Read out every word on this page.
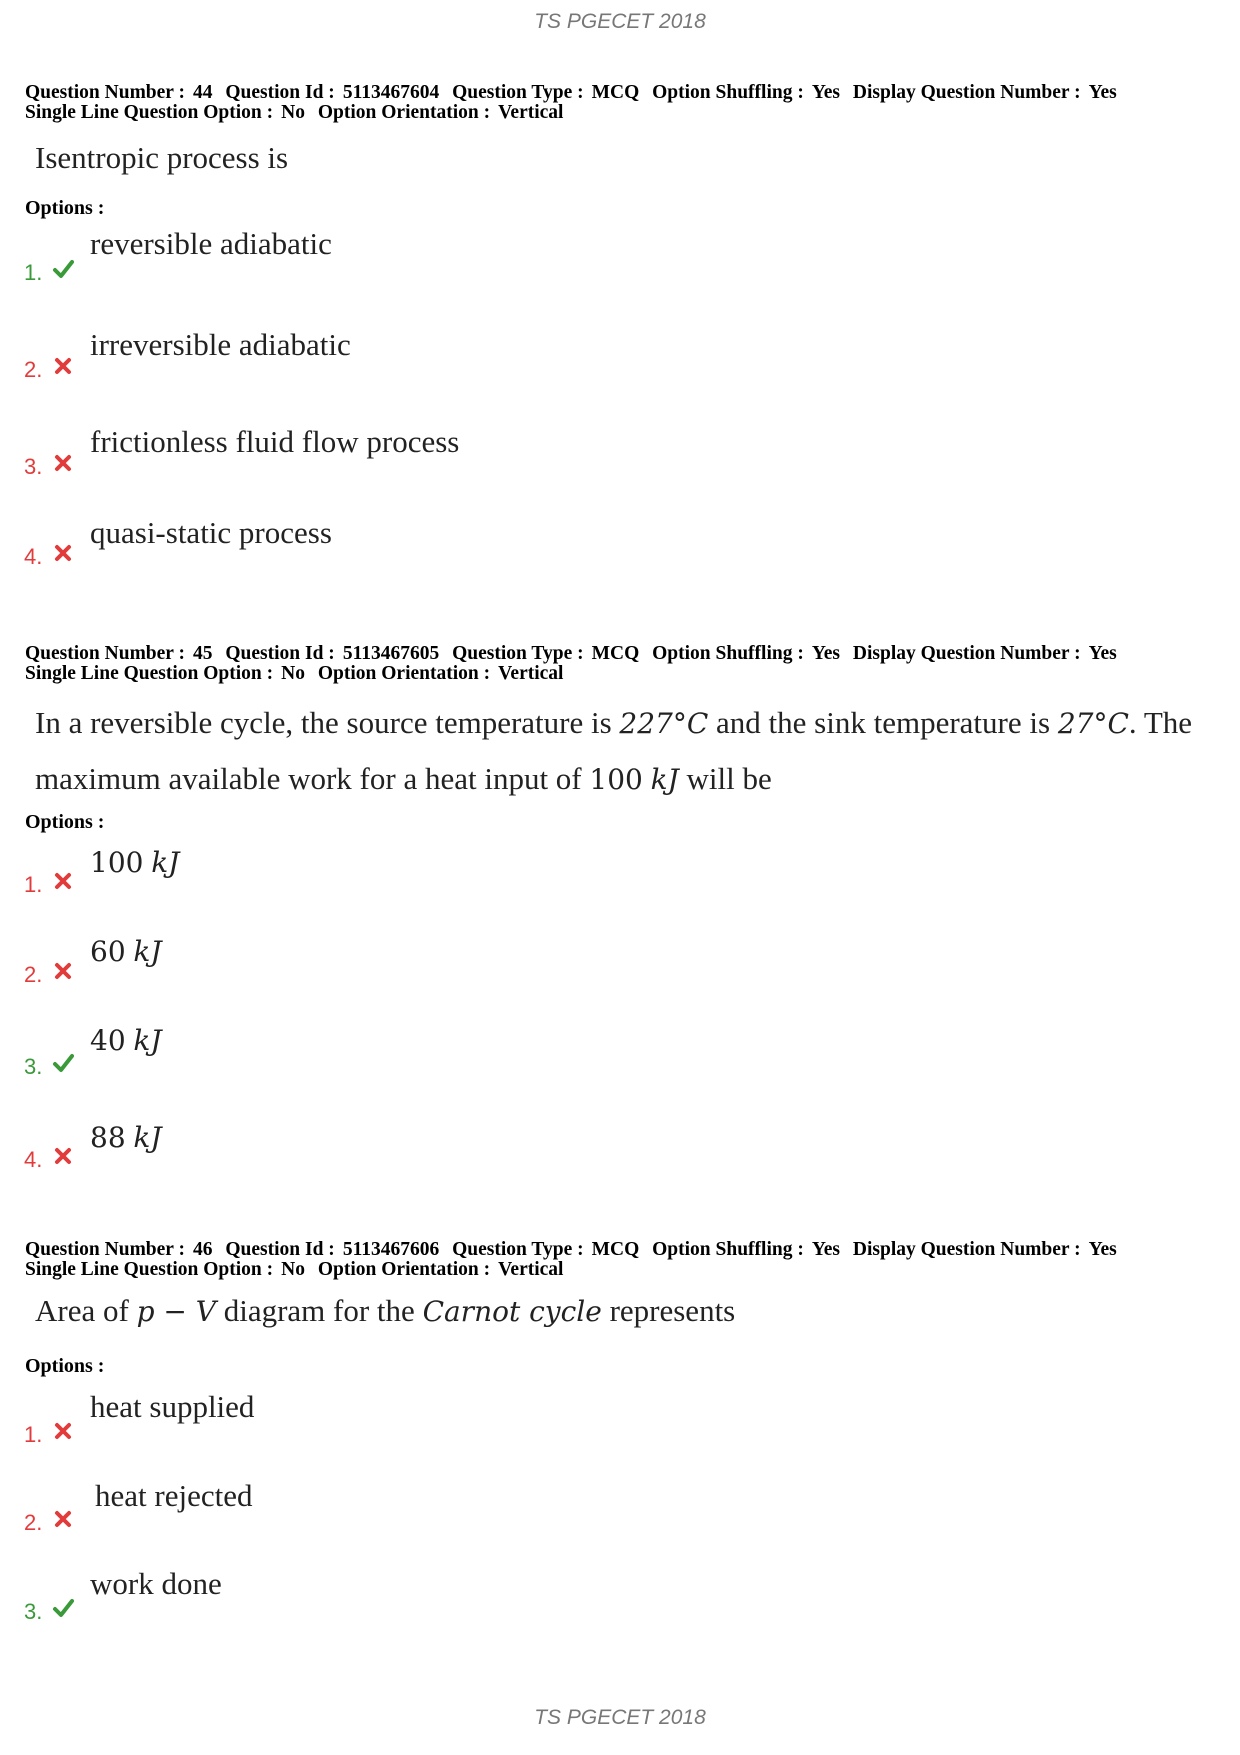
TS PGECET 2018
Question Number : 44 Question Id : 5113467604 Question Type : MCQ Option Shuffling : Yes Display Question Number : Yes
Single Line Question Option : No Option Orientation : Vertical
Isentropic process is
Options :
1.
reversible adiabatic
2.
irreversible adiabatic
3.
frictionless fluid flow process
4.
quasi-static process
Question Number : 45 Question Id : 5113467605 Question Type : MCQ Option Shuffling : Yes Display Question Number : Yes
Single Line Question Option : No Option Orientation : Vertical
In a reversible cycle, the source temperature is 227°C and the sink temperature is 27°C. The
maximum available work for a heat input of 100 kJ will be
Options :
1.
100 kJ
2.
60 kJ
3.
40 kJ
4.
88 kJ
Question Number : 46 Question Id : 5113467606 Question Type : MCQ Option Shuffling : Yes Display Question Number : Yes
Single Line Question Option : No Option Orientation : Vertical
Area of p − V diagram for the Carnot cycle represents
Options :
1.
heat supplied
2.
heat rejected
3.
work done
TS PGECET 2018
